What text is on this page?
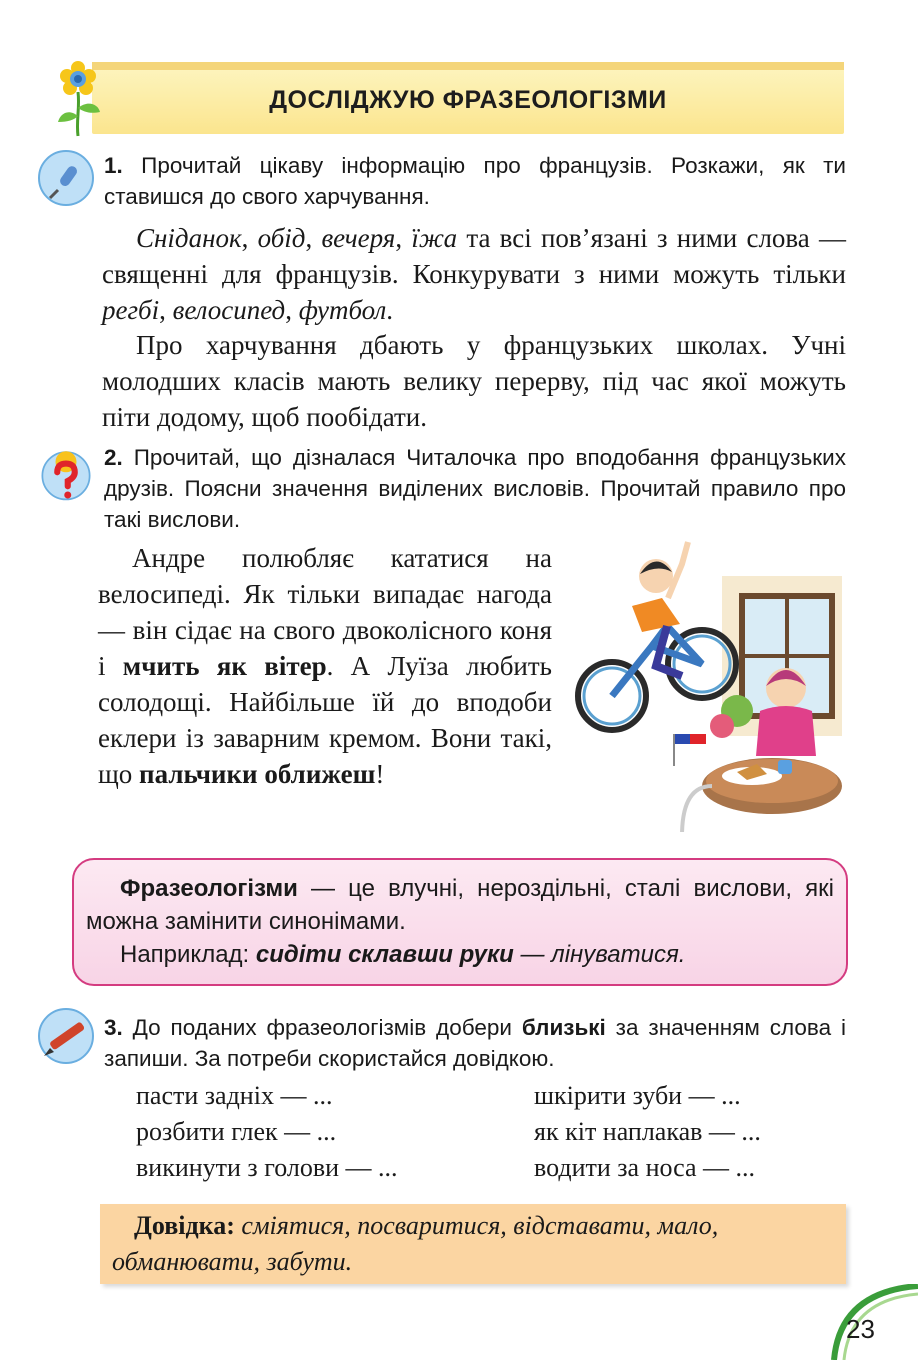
ДОСЛІДЖУЮ ФРАЗЕОЛОГІЗМИ
1. Прочитай цікаву інформацію про французів. Розкажи, як ти ставишся до свого харчування.

Сніданок, обід, вечеря, їжа та всі пов’язані з ними слова — священні для французів. Конкурувати з ними можуть тільки регбі, велосипед, футбол.

Про харчування дбають у французьких школах. Учні молодших класів мають велику перерву, під час якої можуть піти додому, щоб пообідати.

2. Прочитай, що дізналася Читалочка про вподобання французьких друзів. Поясни значення виділених висловів. Прочитай правило про такі вислови.

Андре полюбляє кататися на велосипеді. Як тільки випадає нагода — він сідає на свого двоколісного коня і мчить як вітер. А Луїза любить солодощі. Найбільше їй до вподоби еклери із заварним кремом. Вони такі, що пальчики оближеш!

Фразеологізми — це влучні, нероздільні, сталі вислови, які можна замінити синонімами.

Наприклад: сидіти склавши руки — лінуватися.

3. До поданих фразеологізмів добери близькі за значенням слова і запиши. За потреби скористайся довідкою.
пасти задніх — ...
розбити глек — ...
викинути з голови — ...
шкірити зуби — ...
як кіт наплакав — ...
водити за носа — ...
Довідка: сміятися, посваритися, відставати, мало, обманювати, забути.
23
